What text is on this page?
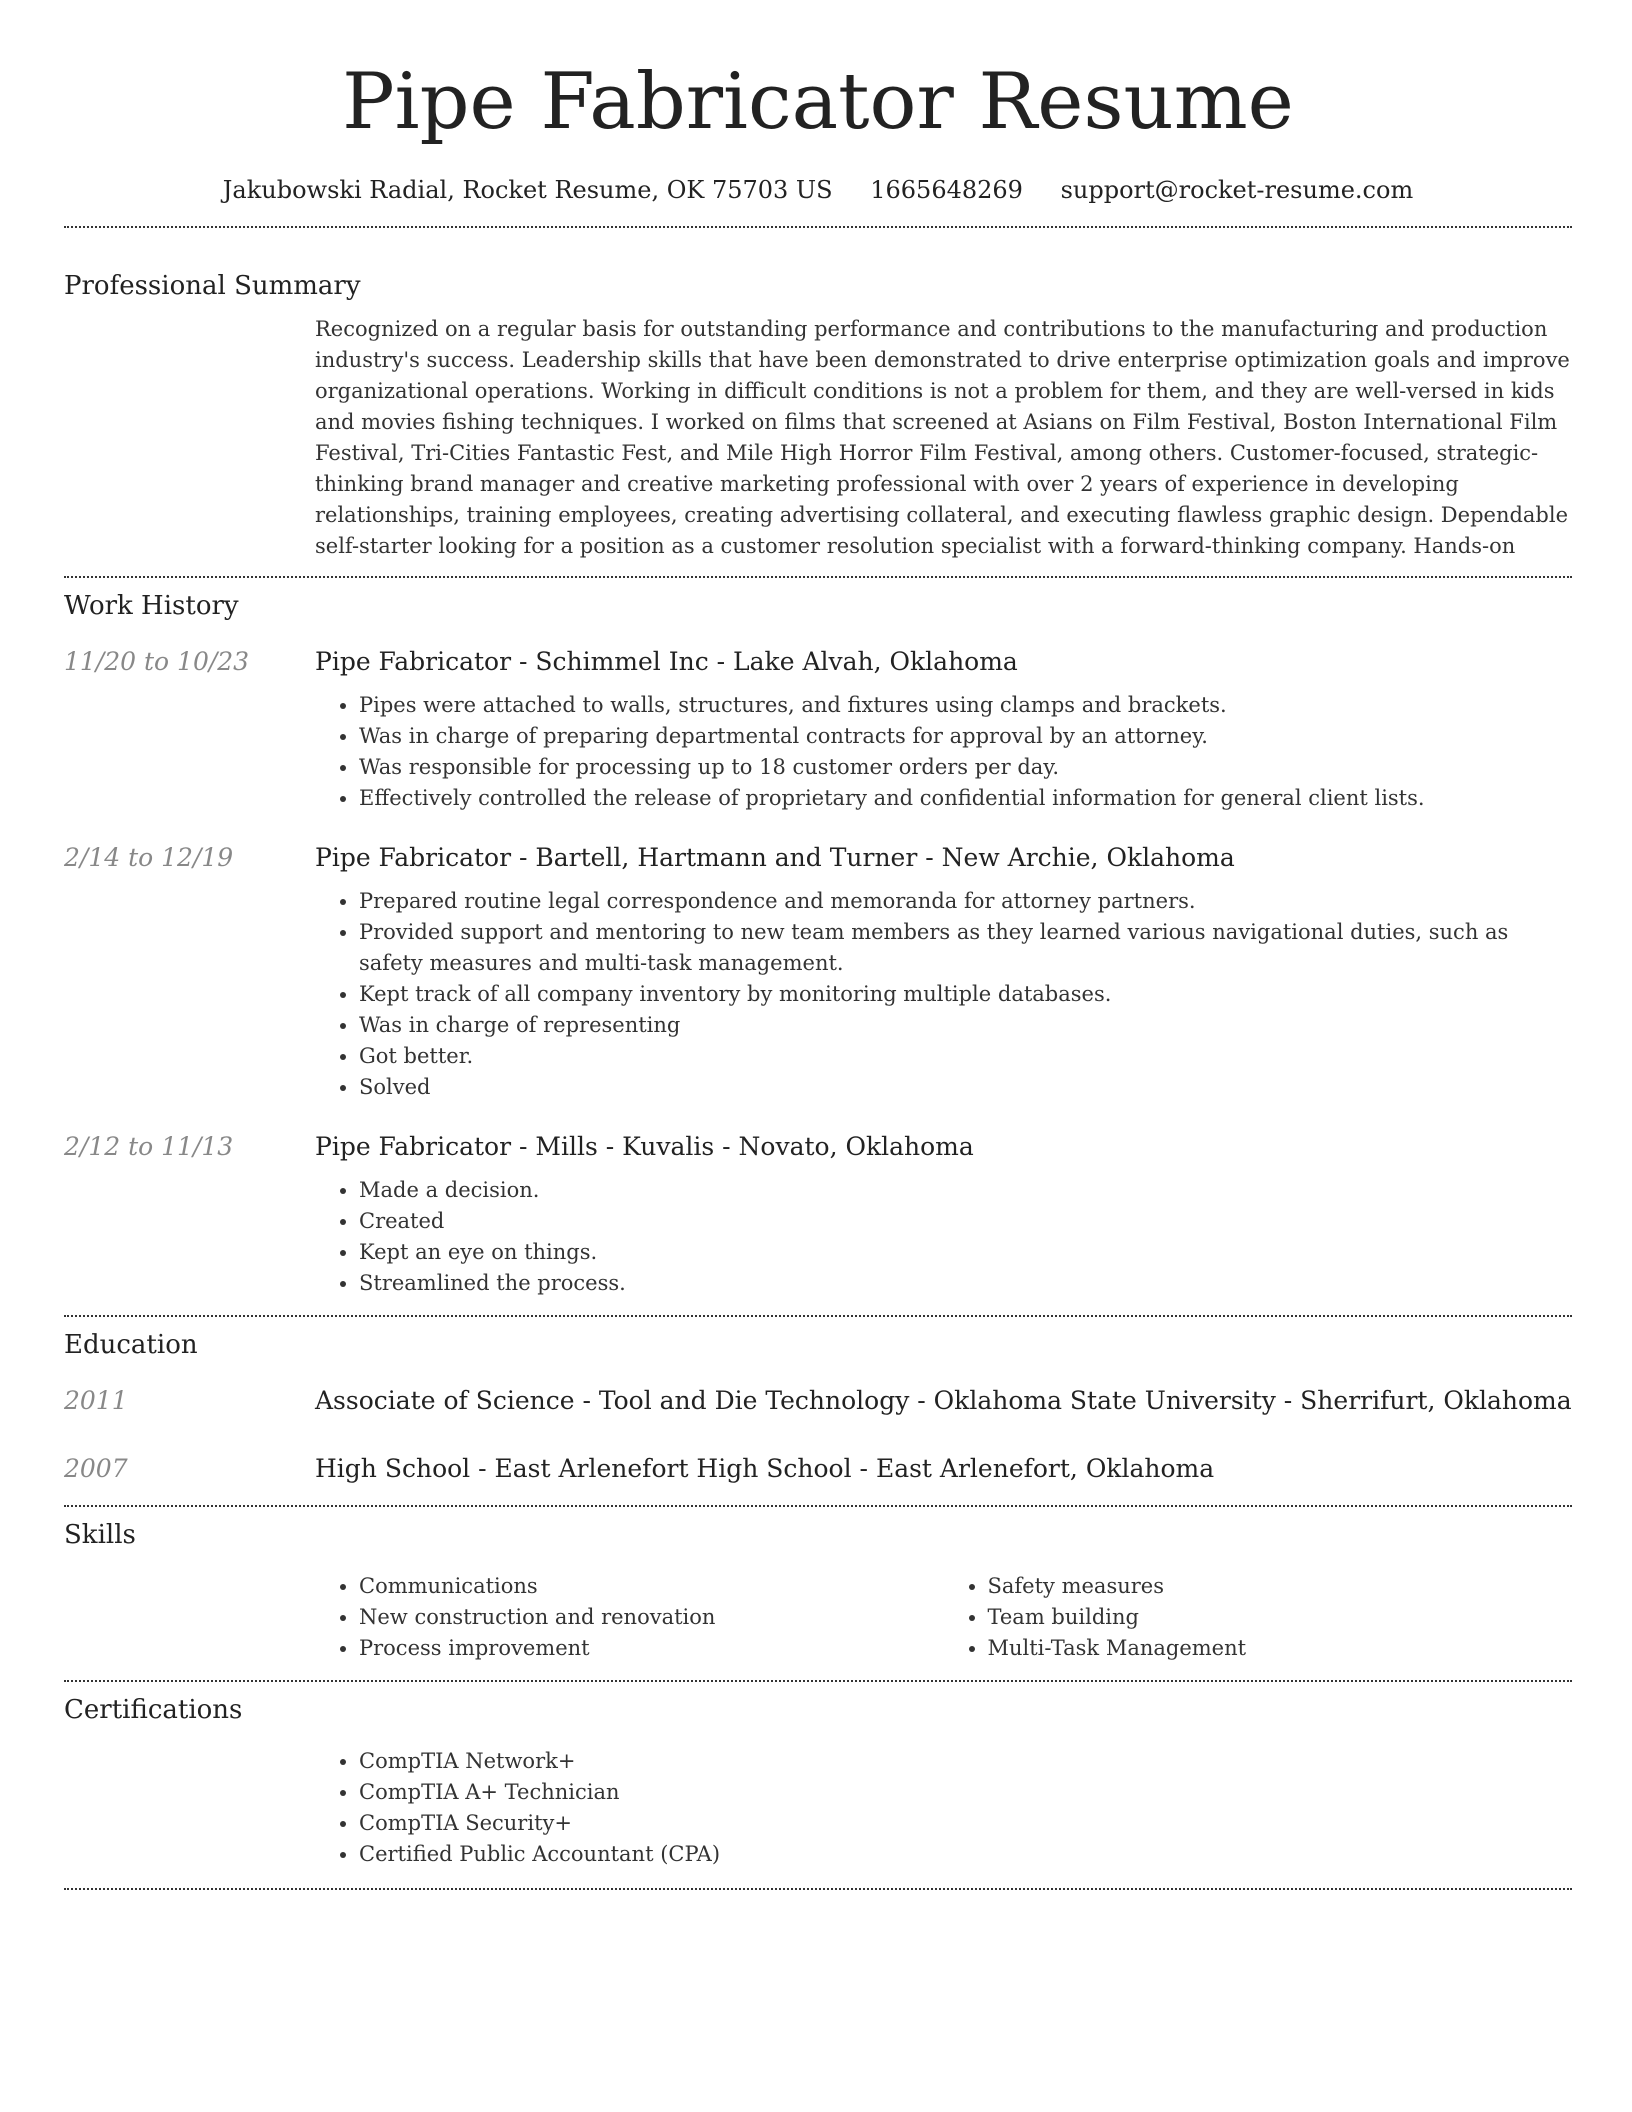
Pipe Fabricator Resume
Jakubowski Radial, Rocket Resume, OK 75703 US 1665648269 support@rocket-resume.com
Professional Summary
Recognized on a regular basis for outstanding performance and contributions to the manufacturing and production industry's success. Leadership skills that have been demonstrated to drive enterprise optimization goals and improve organizational operations. Working in difficult conditions is not a problem for them, and they are well-versed in kids and movies fishing techniques. I worked on films that screened at Asians on Film Festival, Boston International Film Festival, Tri-Cities Fantastic Fest, and Mile High Horror Film Festival, among others. Customer-focused, strategic-thinking brand manager and creative marketing professional with over 2 years of experience in developing relationships, training employees, creating advertising collateral, and executing flawless graphic design. Dependable self-starter looking for a position as a customer resolution specialist with a forward-thinking company. Hands-on
Work History
11/20 to 10/23	Pipe Fabricator - Schimmel Inc - Lake Alvah, Oklahoma
• Pipes were attached to walls, structures, and fixtures using clamps and brackets.
• Was in charge of preparing departmental contracts for approval by an attorney.
• Was responsible for processing up to 18 customer orders per day.
• Effectively controlled the release of proprietary and confidential information for general client lists.
2/14 to 12/19	Pipe Fabricator - Bartell, Hartmann and Turner - New Archie, Oklahoma
• Prepared routine legal correspondence and memoranda for attorney partners.
• Provided support and mentoring to new team members as they learned various navigational duties, such as safety measures and multi-task management.
• Kept track of all company inventory by monitoring multiple databases.
• Was in charge of representing
• Got better.
• Solved
2/12 to 11/13	Pipe Fabricator - Mills - Kuvalis - Novato, Oklahoma
• Made a decision.
• Created
• Kept an eye on things.
• Streamlined the process.
Education
2011	Associate of Science - Tool and Die Technology - Oklahoma State University - Sherrifurt, Oklahoma
2007	High School - East Arlenefort High School - East Arlenefort, Oklahoma
Skills
• Communications
• New construction and renovation
• Process improvement
• Safety measures
• Team building
• Multi-Task Management
Certifications
• CompTIA Network+
• CompTIA A+ Technician
• CompTIA Security+
• Certified Public Accountant (CPA)
